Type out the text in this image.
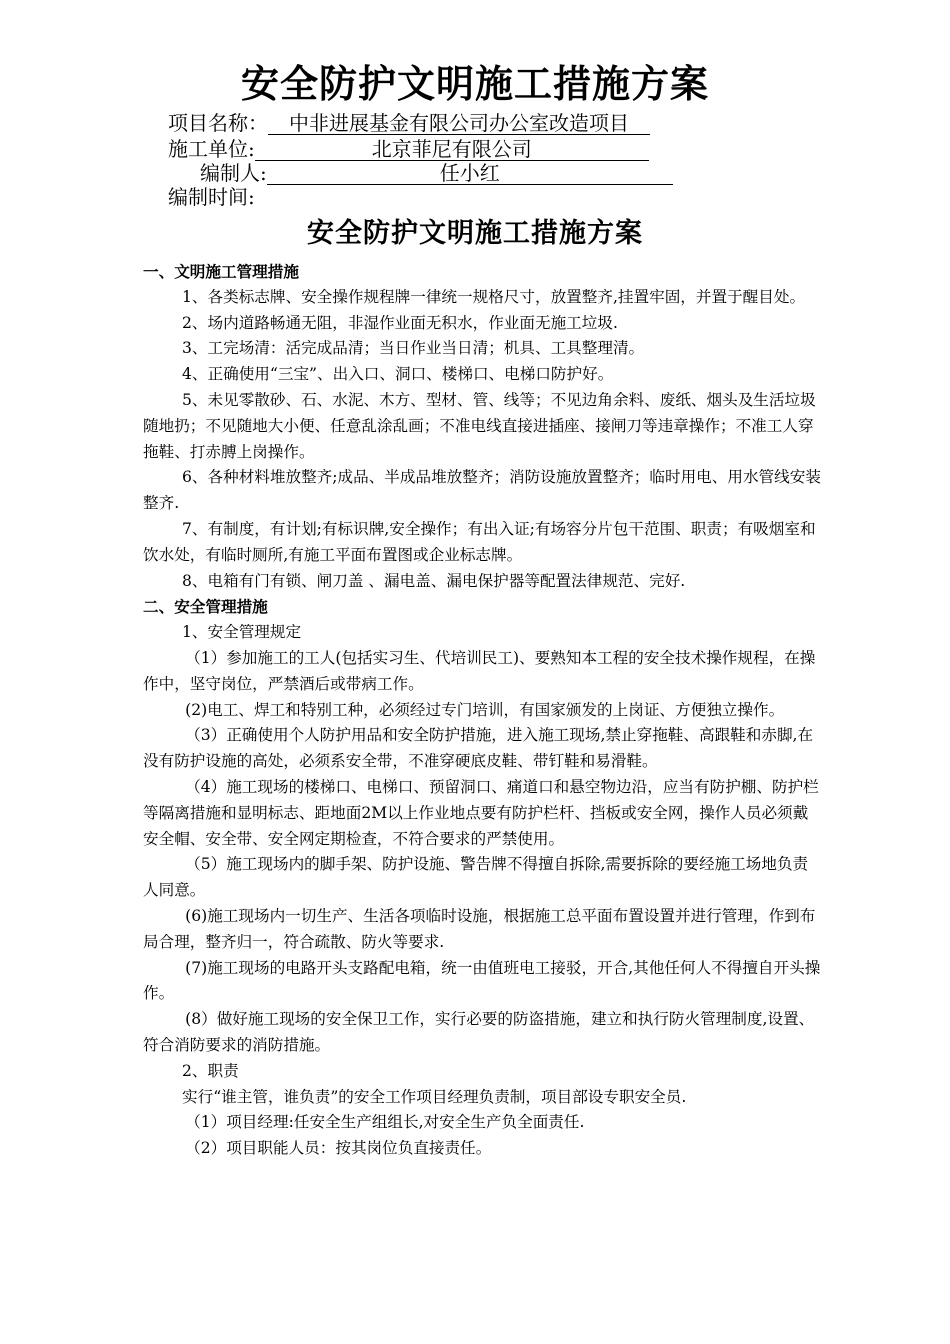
安全防护文明施工措施方案
项目名称： 中非进展基金有限公司办公室改造项目
施工单位:	北京菲尼有限公司
编制人:	任小红
编制时间:
安全防护文明施工措施方案

一、文明施工管理措施

1、各类标志牌、安全操作规程牌一律统一规格尺寸，放置整齐,挂置牢固，并置于醒目处。

2、场内道路畅通无阻，非湿作业面无积水，作业面无施工垃圾.

3、工完场清：活完成品清；当日作业当日清；机具、工具整理清。

4、正确使用“三宝”、出入口、洞口、楼梯口、电梯口防护好。

5、未见零散砂、石、水泥、木方、型材、管、线等；不见边角余料、废纸、烟头及生活垃圾随地扔；不见随地大小便、任意乱涂乱画；不准电线直接进插座、接闸刀等违章操作；不准工人穿拖鞋、打赤膊上岗操作。

6、各种材料堆放整齐;成品、半成品堆放整齐；消防设施放置整齐；临时用电、用水管线安装整齐.

7、有制度，有计划;有标识牌,安全操作；有出入证;有场容分片包干范围、职责；有吸烟室和饮水处，有临时厕所,有施工平面布置图或企业标志牌。

8、电箱有门有锁、闸刀盖 、漏电盖、漏电保护器等配置法律规范、完好.

二、安全管理措施

1、安全管理规定

（1）参加施工的工人(包括实习生、代培训民工)、要熟知本工程的安全技术操作规程，在操作中，坚守岗位，严禁酒后或带病工作。

(2)电工、焊工和特别工种，必须经过专门培训，有国家颁发的上岗证、方便独立操作。

（3）正确使用个人防护用品和安全防护措施，进入施工现场,禁止穿拖鞋、高跟鞋和赤脚,在没有防护设施的高处，必须系安全带，不准穿硬底皮鞋、带钉鞋和易滑鞋。

（4）施工现场的楼梯口、电梯口、预留洞口、痛道口和悬空物边沿，应当有防护棚、防护栏等隔离措施和显明标志、距地面2M以上作业地点要有防护栏杆、挡板或安全网，操作人员必须戴安全帽、安全带、安全网定期检查，不符合要求的严禁使用。

（5）施工现场内的脚手架、防护设施、警告牌不得擅自拆除,需要拆除的要经施工场地负责人同意。

(6)施工现场内一切生产、生活各项临时设施，根据施工总平面布置设置并进行管理，作到布局合理，整齐归一，符合疏散、防火等要求.

(7)施工现场的电路开头支路配电箱，统一由值班电工接驳，开合,其他任何人不得擅自开头操作。

(8）做好施工现场的安全保卫工作，实行必要的防盗措施，建立和执行防火管理制度,设置、符合消防要求的消防措施。

2、职责

实行“谁主管，谁负责”的安全工作项目经理负责制，项目部设专职安全员.

（1）项目经理:任安全生产组组长,对安全生产负全面责任.

（2）项目职能人员：按其岗位负直接责任。
